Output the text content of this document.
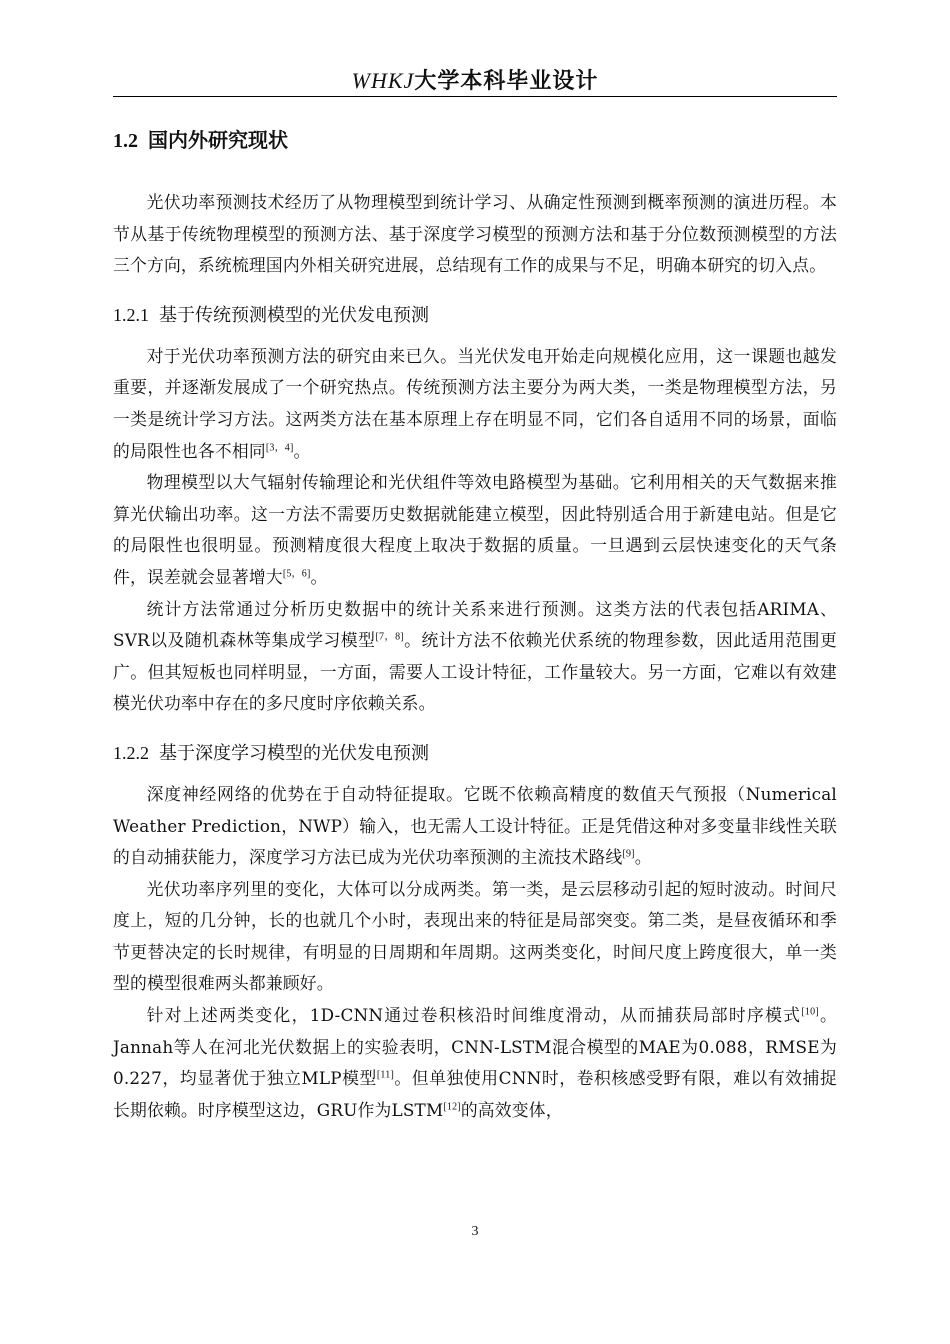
WHKJ大学本科毕业设计
1.2 国内外研究现状

光伏功率预测技术经历了从物理模型到统计学习、从确定性预测到概率预测的演进历程。本节从基于传统物理模型的预测方法、基于深度学习模型的预测方法和基于分位数预测模型的方法三个方向，系统梳理国内外相关研究进展，总结现有工作的成果与不足，明确本研究的切入点。

1.2.1 基于传统预测模型的光伏发电预测

对于光伏功率预测方法的研究由来已久。当光伏发电开始走向规模化应用，这一课题也越发重要，并逐渐发展成了一个研究热点。传统预测方法主要分为两大类，一类是物理模型方法，另一类是统计学习方法。这两类方法在基本原理上存在明显不同，它们各自适用不同的场景，面临的局限性也各不相同[3，4]。

物理模型以大气辐射传输理论和光伏组件等效电路模型为基础。它利用相关的天气数据来推算光伏输出功率。这一方法不需要历史数据就能建立模型，因此特别适合用于新建电站。但是它的局限性也很明显。预测精度很大程度上取决于数据的质量。一旦遇到云层快速变化的天气条件，误差就会显著增大[5，6]。

统计方法常通过分析历史数据中的统计关系来进行预测。这类方法的代表包括ARIMA、SVR以及随机森林等集成学习模型[7，8]。统计方法不依赖光伏系统的物理参数，因此适用范围更广。但其短板也同样明显，一方面，需要人工设计特征，工作量较大。另一方面，它难以有效建模光伏功率中存在的多尺度时序依赖关系。

1.2.2 基于深度学习模型的光伏发电预测

深度神经网络的优势在于自动特征提取。它既不依赖高精度的数值天气预报（Numerical Weather Prediction，NWP）输入，也无需人工设计特征。正是凭借这种对多变量非线性关联的自动捕获能力，深度学习方法已成为光伏功率预测的主流技术路线[9]。

光伏功率序列里的变化，大体可以分成两类。第一类，是云层移动引起的短时波动。时间尺度上，短的几分钟，长的也就几个小时，表现出来的特征是局部突变。第二类，是昼夜循环和季节更替决定的长时规律，有明显的日周期和年周期。这两类变化，时间尺度上跨度很大，单一类型的模型很难两头都兼顾好。

针对上述两类变化，1D-CNN通过卷积核沿时间维度滑动，从而捕获局部时序模式[10]。Jannah等人在河北光伏数据上的实验表明，CNN-LSTM混合模型的MAE为0.088，RMSE为0.227，均显著优于独立MLP模型[11]。但单独使用CNN时，卷积核感受野有限，难以有效捕捉长期依赖。时序模型这边，GRU作为LSTM[12]的高效变体，

3
